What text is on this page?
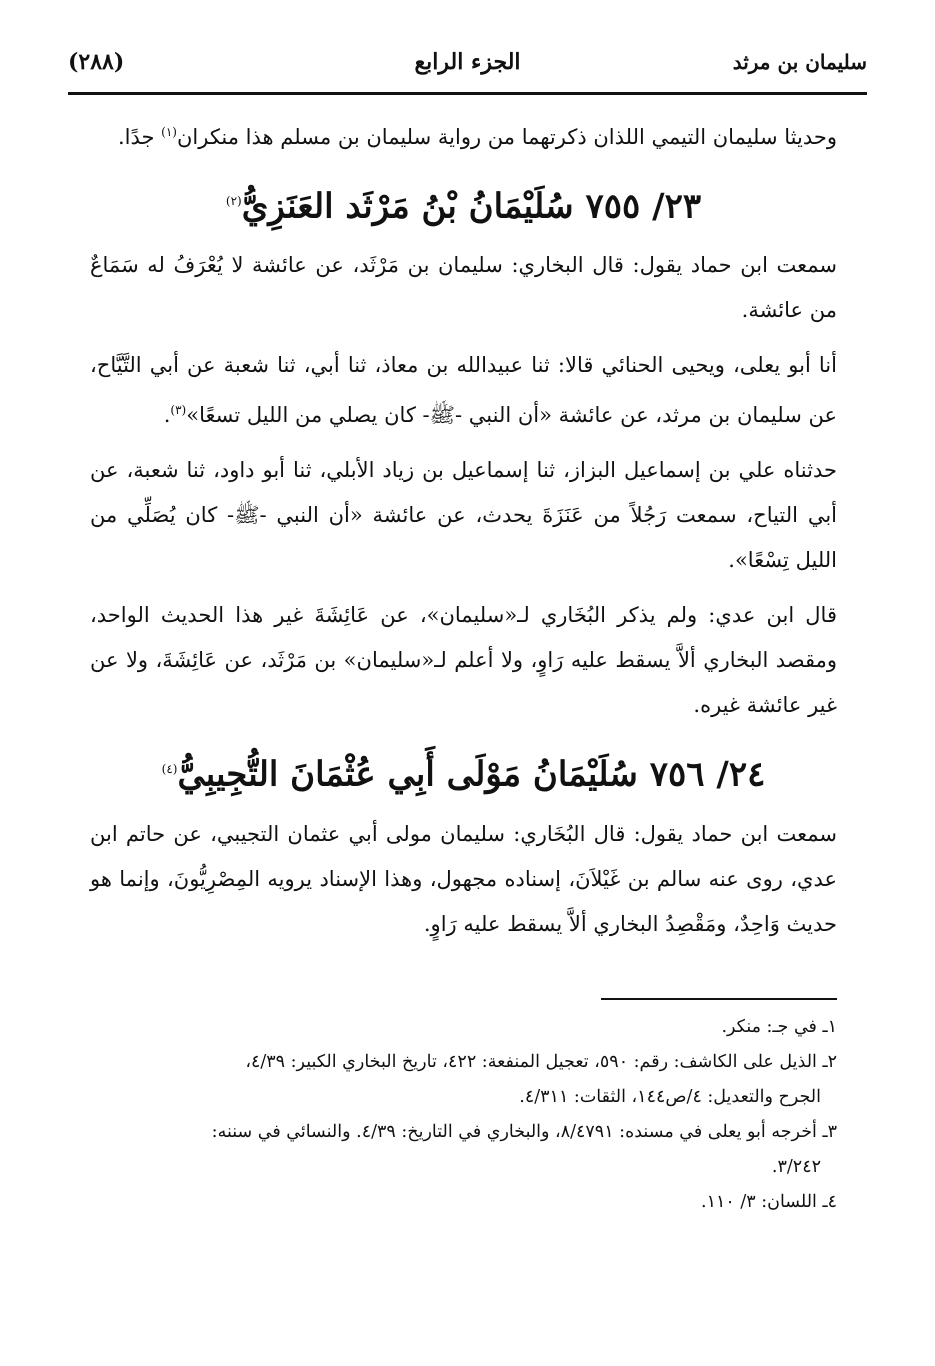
سليمان بن مرثد
الجزء الرابع
(٢٨٨)

وحديثا سليمان التيمي اللذان ذكرتهما من رواية سليمان بن مسلم هذا منكران$^{(١)}$ جدًا.

٢٣/ ٧٥٥ سُلَيْمَانُ بْنُ مَرْثَد العَنَزِيُّ$^{(٢)}$

سمعت ابن حماد يقول: قال البخاري: سليمان بن مَرْثَد، عن عائشة لا يُعْرَفُ له سَمَاعٌ من عائشة.

أنا أبو يعلى، ويحيى الحنائي قالا: ثنا عبيدالله بن معاذ، ثنا أبي، ثنا شعبة عن أبي التَّيَّاح، عن سليمان بن مرثد، عن عائشة «أن النبي -ﷺ- كان يصلي من الليل تسعًا»$^{(٣)}$.

حدثناه علي بن إسماعيل البزاز، ثنا إسماعيل بن زياد الأبلي، ثنا أبو داود، ثنا شعبة، عن أبي التياح، سمعت رَجُلاً من عَنَزَةَ يحدث، عن عائشة «أن النبي -ﷺ- كان يُصَلِّي من الليل تِسْعًا».

قال ابن عدي: ولم يذكر البُخَاري لـ«سليمان»، عن عَائِشَةَ غير هذا الحديث الواحد، ومقصد البخاري ألاَّ يسقط عليه رَاوٍ، ولا أعلم لـ«سليمان» بن مَرْثَد، عن عَائِشَةَ، ولا عن غير عائشة غيره.

٢٤/ ٧٥٦ سُلَيْمَانُ مَوْلَى أَبِي عُثْمَانَ التُّجِيبِيُّ$^{(٤)}$

سمعت ابن حماد يقول: قال البُخَاري: سليمان مولى أبي عثمان التجيبي، عن حاتم ابن عدي، روى عنه سالم بن غَيْلاَنَ، إسناده مجهول، وهذا الإسناد يرويه المِصْرِيُّونَ، وإنما هو حديث وَاحِدٌ، ومَقْصِدُ البخاري ألاَّ يسقط عليه رَاوٍ.

١ـ في جـ: منكر.

٢ـ الذيل على الكاشف: رقم: ٥٩٠، تعجيل المنفعة: ٤٢٢، تاريخ البخاري الكبير: ٤/٣٩،

الجرح والتعديل: ٤/ص١٤٤، الثقات: ٤/٣١١.

٣ـ أخرجه أبو يعلى في مسنده: ٨/٤٧٩١، والبخاري في التاريخ: ٤/٣٩. والنسائي في سننه:

٣/٢٤٢.

٤ـ اللسان: ٣/ ١١٠.
